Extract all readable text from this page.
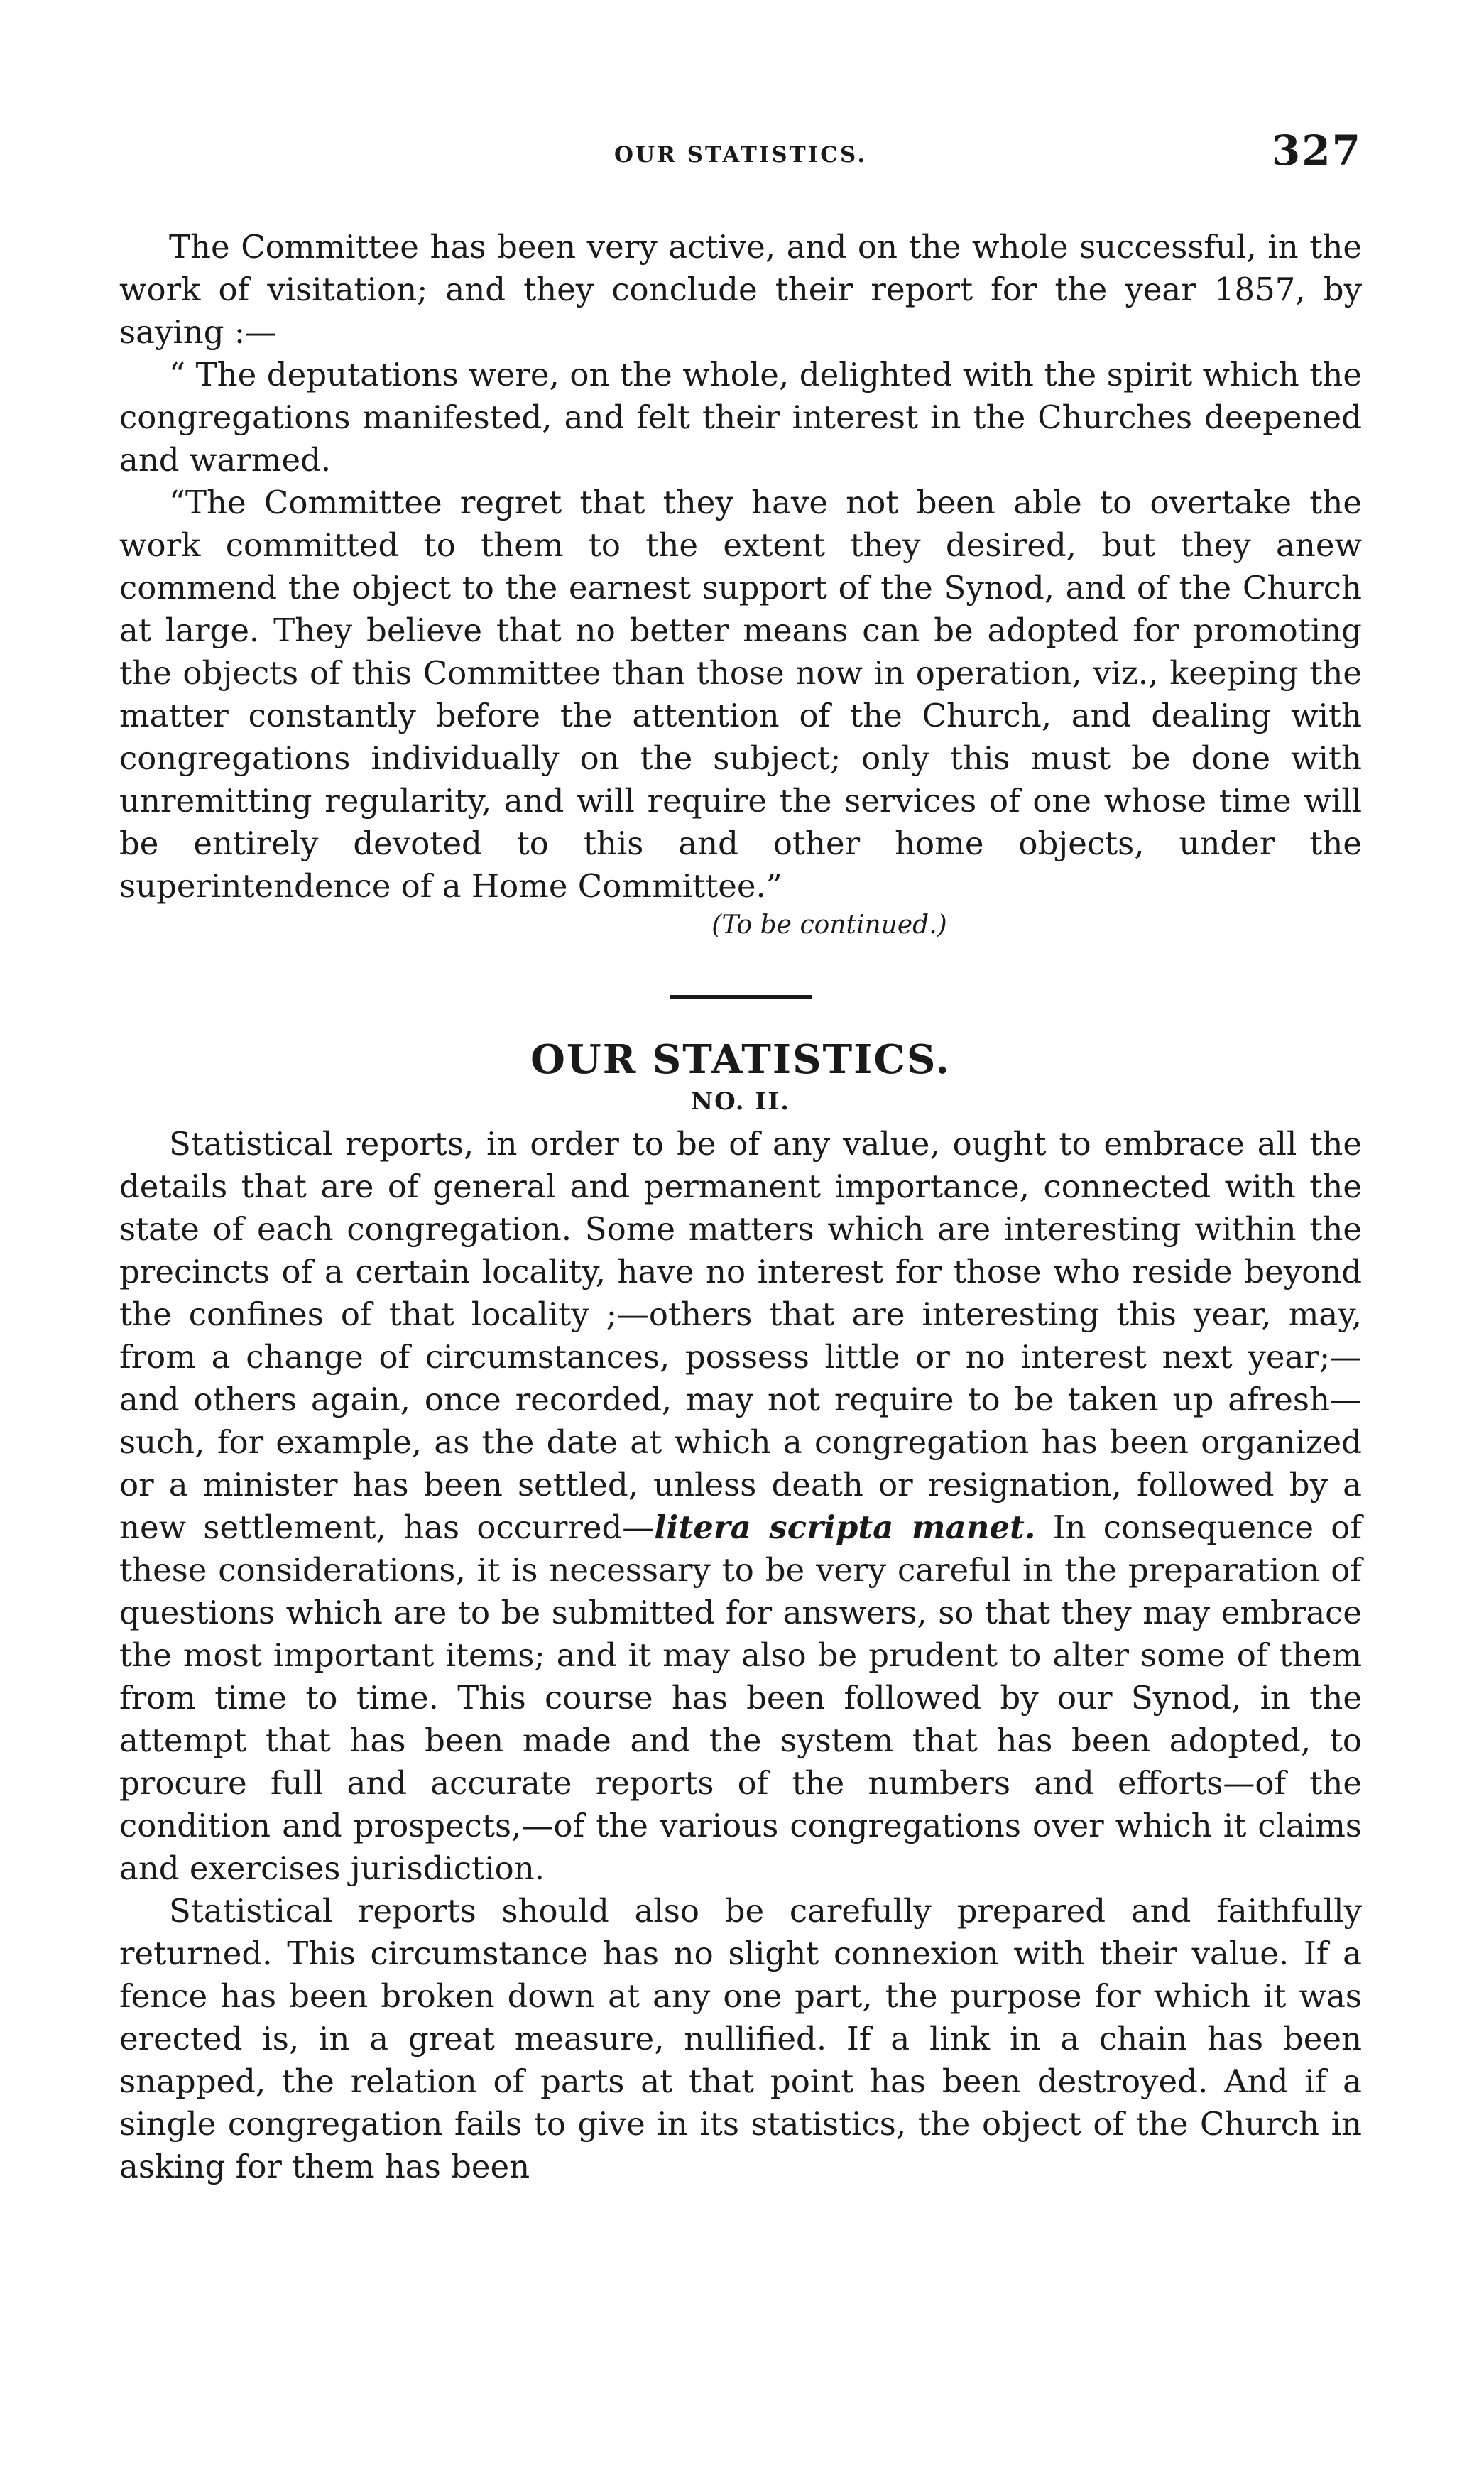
OUR STATISTICS.	327

The Committee has been very active, and on the whole successful, in the work of visitation; and they conclude their report for the year 1857, by saying :—

“ The deputations were, on the whole, delighted with the spirit which the congregations manifested, and felt their interest in the Churches deepened and warmed.

“The Committee regret that they have not been able to overtake the work committed to them to the extent they desired, but they anew commend the object to the earnest support of the Synod, and of the Church at large. They believe that no better means can be adopted for promoting the objects of this Committee than those now in operation, viz., keeping the matter constantly before the attention of the Church, and dealing with congregations individually on the subject; only this must be done with unremitting regularity, and will require the services of one whose time will be entirely devoted to this and other home objects, under the superintendence of a Home Committee.”

(To be continued.)
OUR STATISTICS.
NO. II.

Statistical reports, in order to be of any value, ought to embrace all the details that are of general and permanent importance, connected with the state of each congregation. Some matters which are interesting within the precincts of a certain locality, have no interest for those who reside beyond the confines of that locality ;—others that are interesting this year, may, from a change of circumstances, possess little or no interest next year;—and others again, once recorded, may not require to be taken up afresh—such, for example, as the date at which a congregation has been organized or a minister has been settled, unless death or resignation, followed by a new settlement, has occurred—litera scripta manet. In consequence of these considerations, it is necessary to be very careful in the preparation of questions which are to be submitted for answers, so that they may embrace the most important items; and it may also be prudent to alter some of them from time to time. This course has been followed by our Synod, in the attempt that has been made and the system that has been adopted, to procure full and accurate reports of the numbers and efforts—of the condition and prospects,—of the various congregations over which it claims and exercises jurisdiction.

Statistical reports should also be carefully prepared and faithfully returned. This circumstance has no slight connexion with their value. If a fence has been broken down at any one part, the purpose for which it was erected is, in a great measure, nullified. If a link in a chain has been snapped, the relation of parts at that point has been destroyed. And if a single congregation fails to give in its statistics, the object of the Church in asking for them has been
